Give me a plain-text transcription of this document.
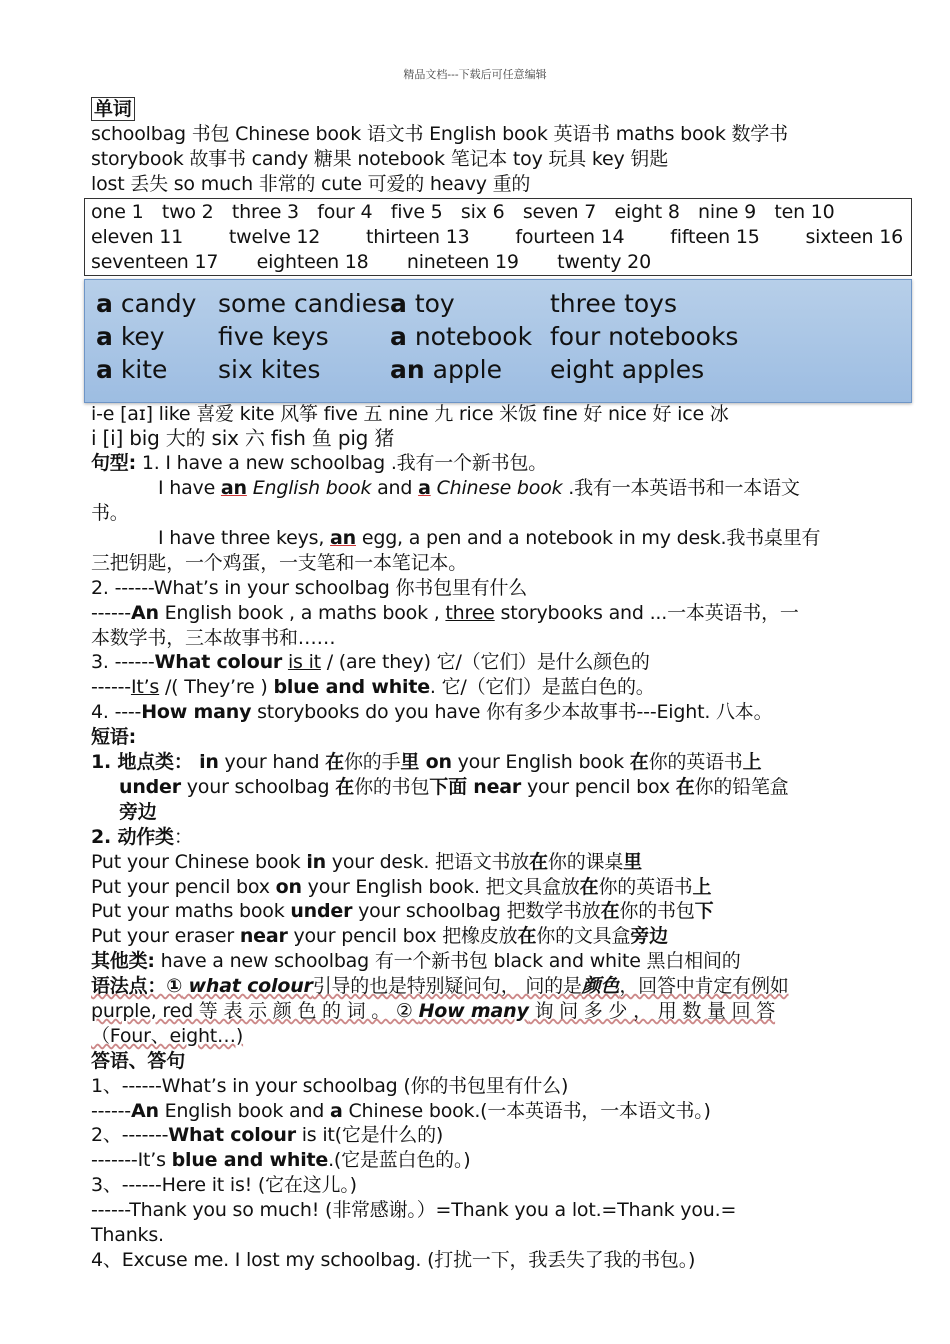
精品文档---下载后可任意编辑
单词
schoolbag 书包 Chinese book 语文书 English book 英语书 maths book 数学书
storybook 故事书 candy 糖果 notebook 笔记本 toy 玩具 key 钥匙
lost 丢失 so much 非常的 cute 可爱的 heavy 重的
one 1 two 2 three 3 four 4 five 5 six 6 seven 7 eight 8 nine 9 ten 10
eleven 11 twelve 12 thirteen 13 fourteen 14 fifteen 15 sixteen 16
seventeen 17 eighteen 18 nineteen 19 twenty 20
a candy some candies a toy	three toys
a key five keys a notebook four notebooks
a kite six kites	an apple eight apples
i-e [aɪ] like 喜爱 kite 风筝 five 五 nine 九 rice 米饭 fine 好 nice 好 ice 冰
i [i] big 大的 six 六 fish 鱼 pig 猪
句型: 1. I have a new schoolbag .我有一个新书包。
I have an English book and a Chinese book .我有一本英语书和一本语文
书。
I have three keys, an egg, a pen and a notebook in my desk.我书桌里有
三把钥匙，一个鸡蛋，一支笔和一本笔记本。
2. ------What’s in your schoolbag 你书包里有什么
------An English book , a maths book , three storybooks and ...一本英语书，一
本数学书，三本故事书和……
3. ------What colour is it / (are they) 它/（它们）是什么颜色的
------It’s /( They’re ) blue and white. 它/（它们）是蓝白色的。
4. ----How many storybooks do you have 你有多少本故事书---Eight. 八本。
短语:
1. 地点类： in your hand 在你的手里 on your English book 在你的英语书上
under your schoolbag 在你的书包下面 near your pencil box 在你的铅笔盒
旁边
2. 动作类：
Put your Chinese book in your desk. 把语文书放在你的课桌里
Put your pencil box on your English book. 把文具盒放在你的英语书上
Put your maths book under your schoolbag 把数学书放在你的书包下
Put your eraser near your pencil box 把橡皮放在你的文具盒旁边
其他类: have a new schoolbag 有一个新书包 black and white 黑白相间的
语法点：① what colour引导的也是特别疑问句， 问的是颜色，回答中肯定有例如
purple, red 等 表 示 颜 色 的 词 。 ② How many 询 问 多 少 ， 用 数 量 回 答
（Four、eight…)
答语、答句
1、------What’s in your schoolbag (你的书包里有什么)
------An English book and a Chinese book.(一本英语书，一本语文书。)
2、-------What colour is it(它是什么的)
-------It’s blue and white.(它是蓝白色的。)
3、------Here it is! (它在这儿。)
------Thank you so much! (非常感谢。）=Thank you a lot.=Thank you.=
Thanks.
4、Excuse me. I lost my schoolbag. (打扰一下，我丢失了我的书包。)
